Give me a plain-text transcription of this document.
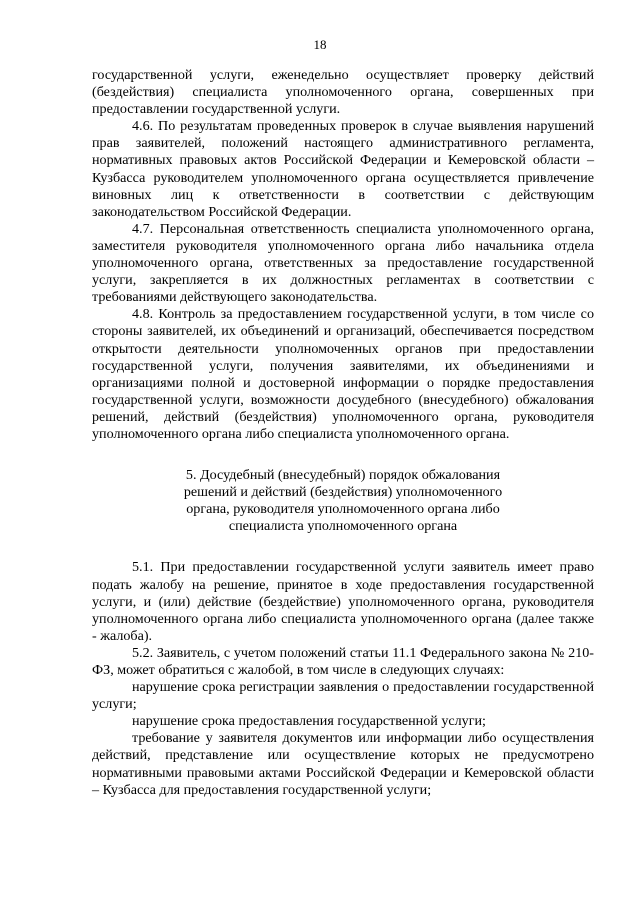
18

государственной услуги, еженедельно осуществляет проверку действий (бездействия) специалиста уполномоченного органа, совершенных при предоставлении государственной услуги.

4.6. По результатам проведенных проверок в случае выявления нарушений прав заявителей, положений настоящего административного регламента, нормативных правовых актов Российской Федерации и Кемеровской области – Кузбасса руководителем уполномоченного органа осуществляется привлечение виновных лиц к ответственности в соответствии с действующим законодательством Российской Федерации.

4.7. Персональная ответственность специалиста уполномоченного органа, заместителя руководителя уполномоченного органа либо начальника отдела уполномоченного органа, ответственных за предоставление государственной услуги, закрепляется в их должностных регламентах в соответствии с требованиями действующего законодательства.

4.8. Контроль за предоставлением государственной услуги, в том числе со стороны заявителей, их объединений и организаций, обеспечивается посредством открытости деятельности уполномоченных органов при предоставлении государственной услуги, получения заявителями, их объединениями и организациями полной и достоверной информации о порядке предоставления государственной услуги, возможности досудебного (внесудебного) обжалования решений, действий (бездействия) уполномоченного органа, руководителя уполномоченного органа либо специалиста уполномоченного органа.

5. Досудебный (внесудебный) порядок обжалования
решений и действий (бездействия) уполномоченного
органа, руководителя уполномоченного органа либо
специалиста уполномоченного органа

5.1. При предоставлении государственной услуги заявитель имеет право подать жалобу на решение, принятое в ходе предоставления государственной услуги, и (или) действие (бездействие) уполномоченного органа, руководителя уполномоченного органа либо специалиста уполномоченного органа (далее также - жалоба).

5.2. Заявитель, с учетом положений статьи 11.1 Федерального закона № 210-ФЗ, может обратиться с жалобой, в том числе в следующих случаях:

нарушение срока регистрации заявления о предоставлении государственной услуги;

нарушение срока предоставления государственной услуги;

требование у заявителя документов или информации либо осуществления действий, представление или осуществление которых не предусмотрено нормативными правовыми актами Российской Федерации и Кемеровской области – Кузбасса для предоставления государственной услуги;
